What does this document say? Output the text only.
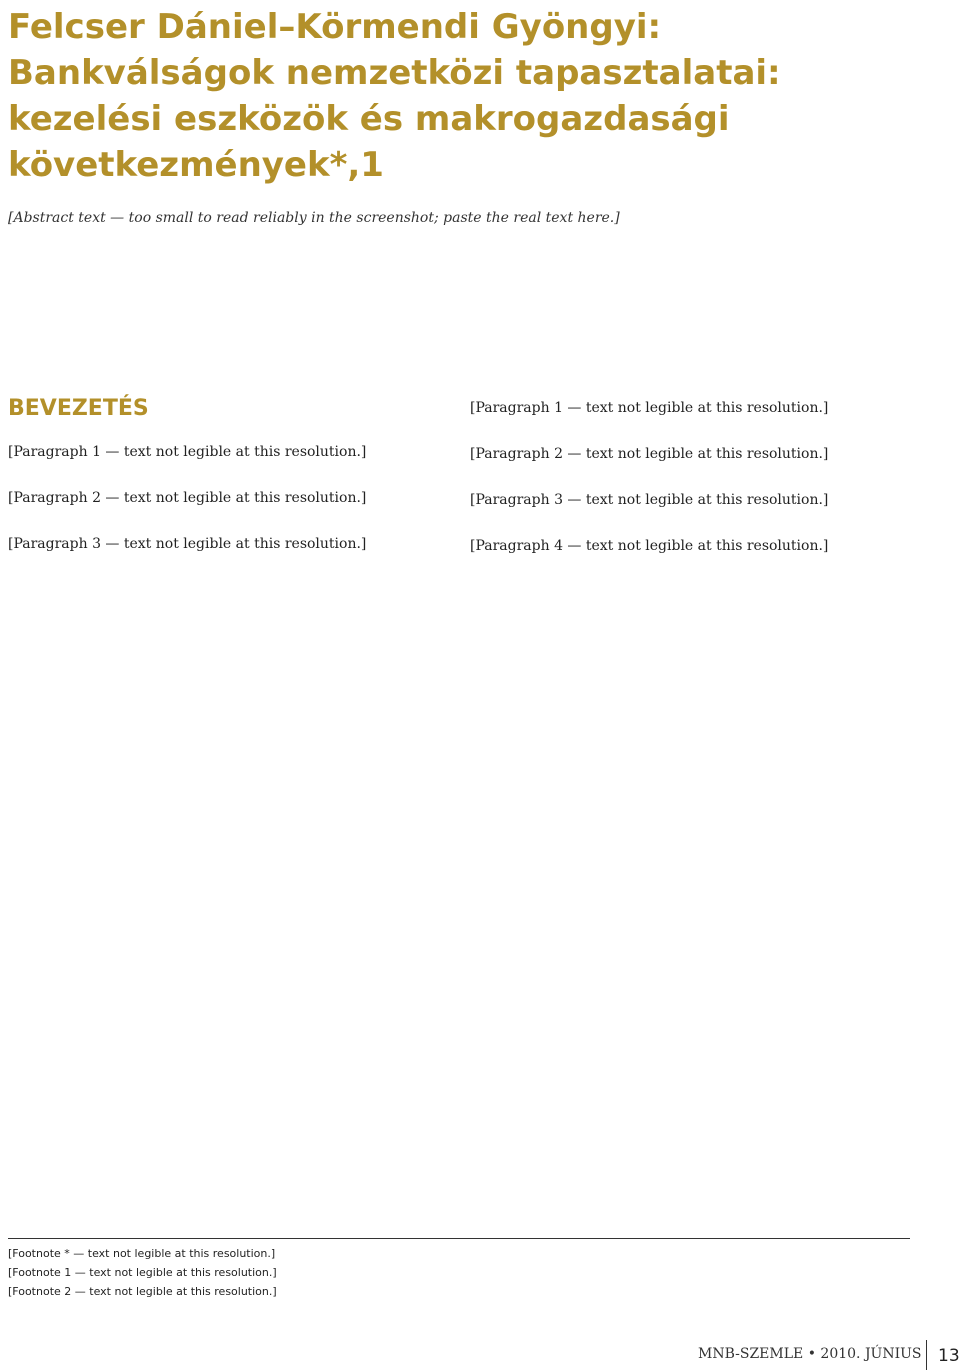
Felcser Dániel–Körmendi Gyöngyi: Bankválságok nemzetközi tapasztalatai: kezelési eszközök és makrogazdasági következmények*,1

[Abstract text — too small to read reliably in the screenshot; paste the real text here.]

BEVEZETÉS

[Paragraph 1 — text not legible at this resolution.]

[Paragraph 2 — text not legible at this resolution.]

[Paragraph 3 — text not legible at this resolution.]

[Paragraph 1 — text not legible at this resolution.]

[Paragraph 2 — text not legible at this resolution.]

[Paragraph 3 — text not legible at this resolution.]

[Paragraph 4 — text not legible at this resolution.]

[Footnote * — text not legible at this resolution.]

[Footnote 1 — text not legible at this resolution.]

[Footnote 2 — text not legible at this resolution.]

MNB-SZEMLE • 2010. JÚNIUS 13
